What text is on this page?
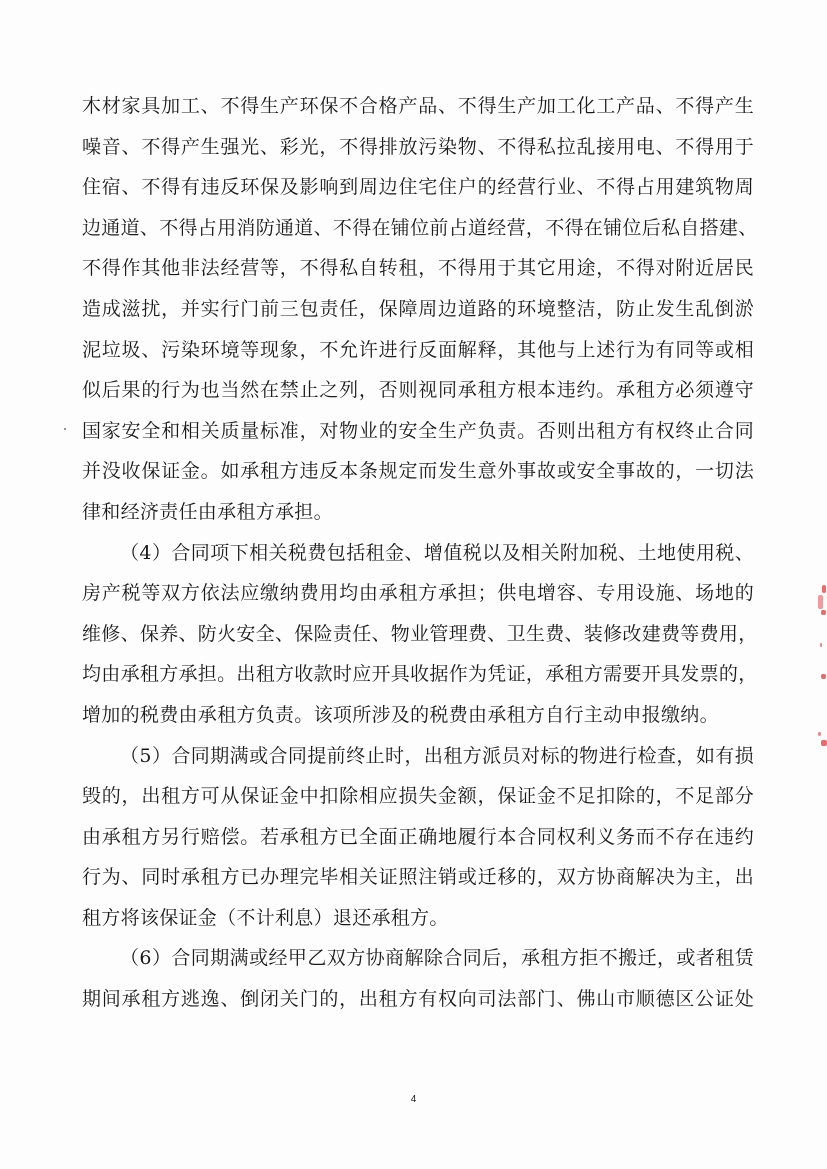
木材家具加工、不得生产环保不合格产品、不得生产加工化工产品、不得产生
噪音、不得产生强光、彩光，不得排放污染物、不得私拉乱接用电、不得用于
住宿、不得有违反环保及影响到周边住宅住户的经营行业、不得占用建筑物周
边通道、不得占用消防通道、不得在铺位前占道经营，不得在铺位后私自搭建、
不得作其他非法经营等，不得私自转租，不得用于其它用途，不得对附近居民
造成滋扰，并实行门前三包责任，保障周边道路的环境整洁，防止发生乱倒淤
泥垃圾、污染环境等现象，不允许进行反面解释，其他与上述行为有同等或相
似后果的行为也当然在禁止之列，否则视同承租方根本违约。承租方必须遵守
国家安全和相关质量标准，对物业的安全生产负责。否则出租方有权终止合同
并没收保证金。如承租方违反本条规定而发生意外事故或安全事故的，一切法
律和经济责任由承租方承担。
（4）合同项下相关税费包括租金、增值税以及相关附加税、土地使用税、
房产税等双方依法应缴纳费用均由承租方承担；供电增容、专用设施、场地的
维修、保养、防火安全、保险责任、物业管理费、卫生费、装修改建费等费用，
均由承租方承担。出租方收款时应开具收据作为凭证，承租方需要开具发票的，
增加的税费由承租方负责。该项所涉及的税费由承租方自行主动申报缴纳。
（5）合同期满或合同提前终止时，出租方派员对标的物进行检查，如有损
毁的，出租方可从保证金中扣除相应损失金额，保证金不足扣除的，不足部分
由承租方另行赔偿。若承租方已全面正确地履行本合同权利义务而不存在违约
行为、同时承租方已办理完毕相关证照注销或迁移的，双方协商解决为主，出
租方将该保证金（不计利息）退还承租方。
（6）合同期满或经甲乙双方协商解除合同后，承租方拒不搬迁，或者租赁
期间承租方逃逸、倒闭关门的，出租方有权向司法部门、佛山市顺德区公证处
4
